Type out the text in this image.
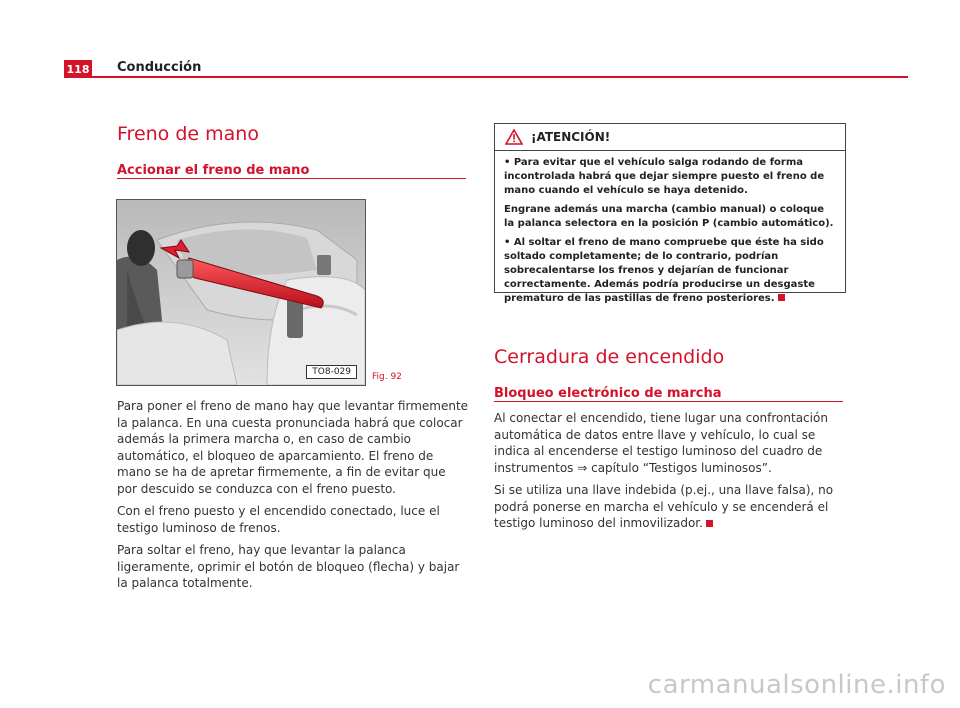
118 Conducción
Freno de mano
Accionar el freno de mano
TO8-029	Fig. 92

Para poner el freno de mano hay que levantar firmemente la palanca. En una cuesta pronunciada habrá que colocar además la primera marcha o, en caso de cambio automático, el bloqueo de aparcamiento. El freno de mano se ha de apretar firmemente, a fin de evitar que por descuido se conduzca con el freno puesto.

Con el freno puesto y el encendido conectado, luce el testigo luminoso de frenos.

Para soltar el freno, hay que levantar la palanca ligeramente, oprimir el botón de bloqueo (flecha) y bajar la palanca totalmente.

¡ATENCIÓN!

• Para evitar que el vehículo salga rodando de forma incontrolada habrá que dejar siempre puesto el freno de mano cuando el vehículo se haya detenido.

Engrane además una marcha (cambio manual) o coloque la palanca selectora en la posición P (cambio automático).

• Al soltar el freno de mano compruebe que éste ha sido soltado completamente; de lo contrario, podrían sobrecalentarse los frenos y dejarían de funcionar correctamente. Además podría producirse un desgaste prematuro de las pastillas de freno posteriores.

Cerradura de encendido
Bloqueo electrónico de marcha

Al conectar el encendido, tiene lugar una confrontación automática de datos entre llave y vehículo, lo cual se indica al encenderse el testigo luminoso del cuadro de instrumentos ⇒ capítulo “Testigos luminosos”.

Si se utiliza una llave indebida (p.ej., una llave falsa), no podrá ponerse en marcha el vehículo y se encenderá el testigo luminoso del inmovilizador.

carmanualsonline.info
